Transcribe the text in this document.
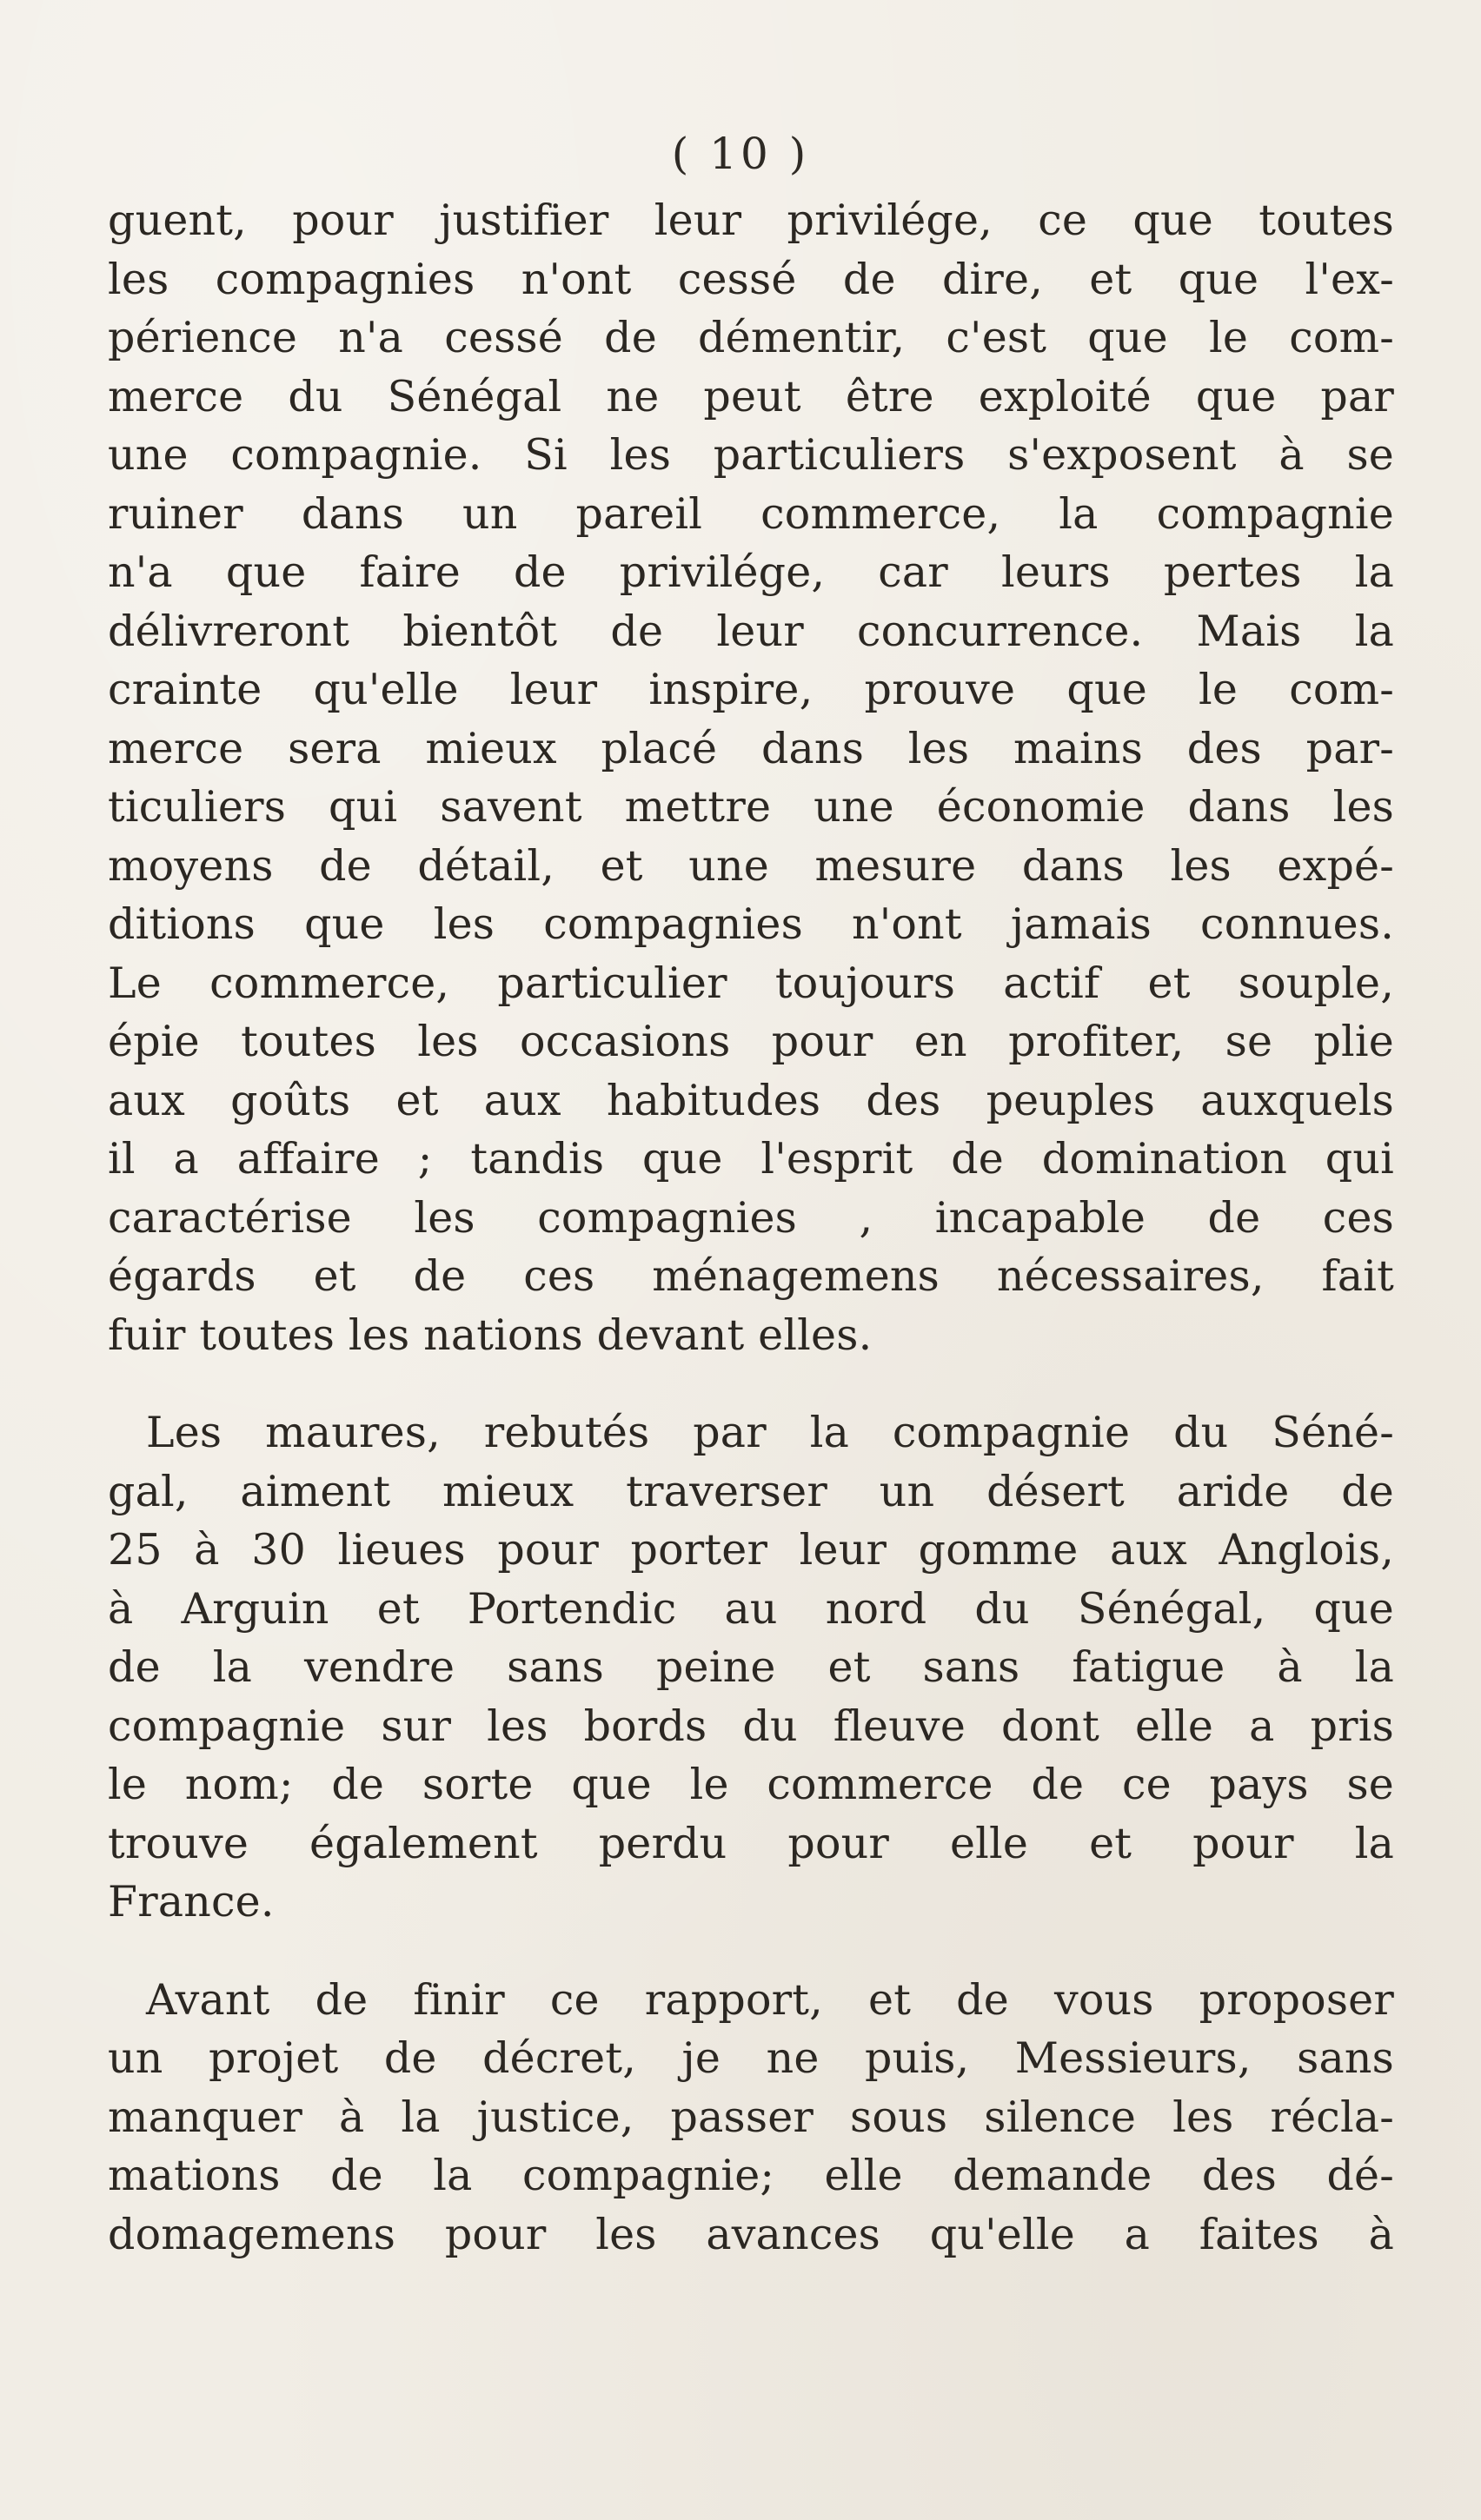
( 10 )
guent, pour justifier leur privilége, ce que toutes
les compagnies n'ont cessé de dire, et que l'ex-
périence n'a cessé de démentir, c'est que le com-
merce du Sénégal ne peut être exploité que par
une compagnie. Si les particuliers s'exposent à se
ruiner dans un pareil commerce, la compagnie
n'a que faire de privilége, car leurs pertes la
délivreront bientôt de leur concurrence. Mais la
crainte qu'elle leur inspire, prouve que le com-
merce sera mieux placé dans les mains des par-
ticuliers qui savent mettre une économie dans les
moyens de détail, et une mesure dans les expé-
ditions que les compagnies n'ont jamais connues.
Le commerce, particulier toujours actif et souple,
épie toutes les occasions pour en profiter, se plie
aux goûts et aux habitudes des peuples auxquels
il a affaire ; tandis que l'esprit de domination qui
caractérise les compagnies , incapable de ces
égards et de ces ménagemens nécessaires, fait
fuir toutes les nations devant elles.
Les maures, rebutés par la compagnie du Séné-
gal, aiment mieux traverser un désert aride de
25 à 30 lieues pour porter leur gomme aux Anglois,
à Arguin et Portendic au nord du Sénégal, que
de la vendre sans peine et sans fatigue à la
compagnie sur les bords du fleuve dont elle a pris
le nom; de sorte que le commerce de ce pays se
trouve également perdu pour elle et pour la
France.
Avant de finir ce rapport, et de vous proposer
un projet de décret, je ne puis, Messieurs, sans
manquer à la justice, passer sous silence les récla-
mations de la compagnie; elle demande des dé-
domagemens pour les avances qu'elle a faites à
